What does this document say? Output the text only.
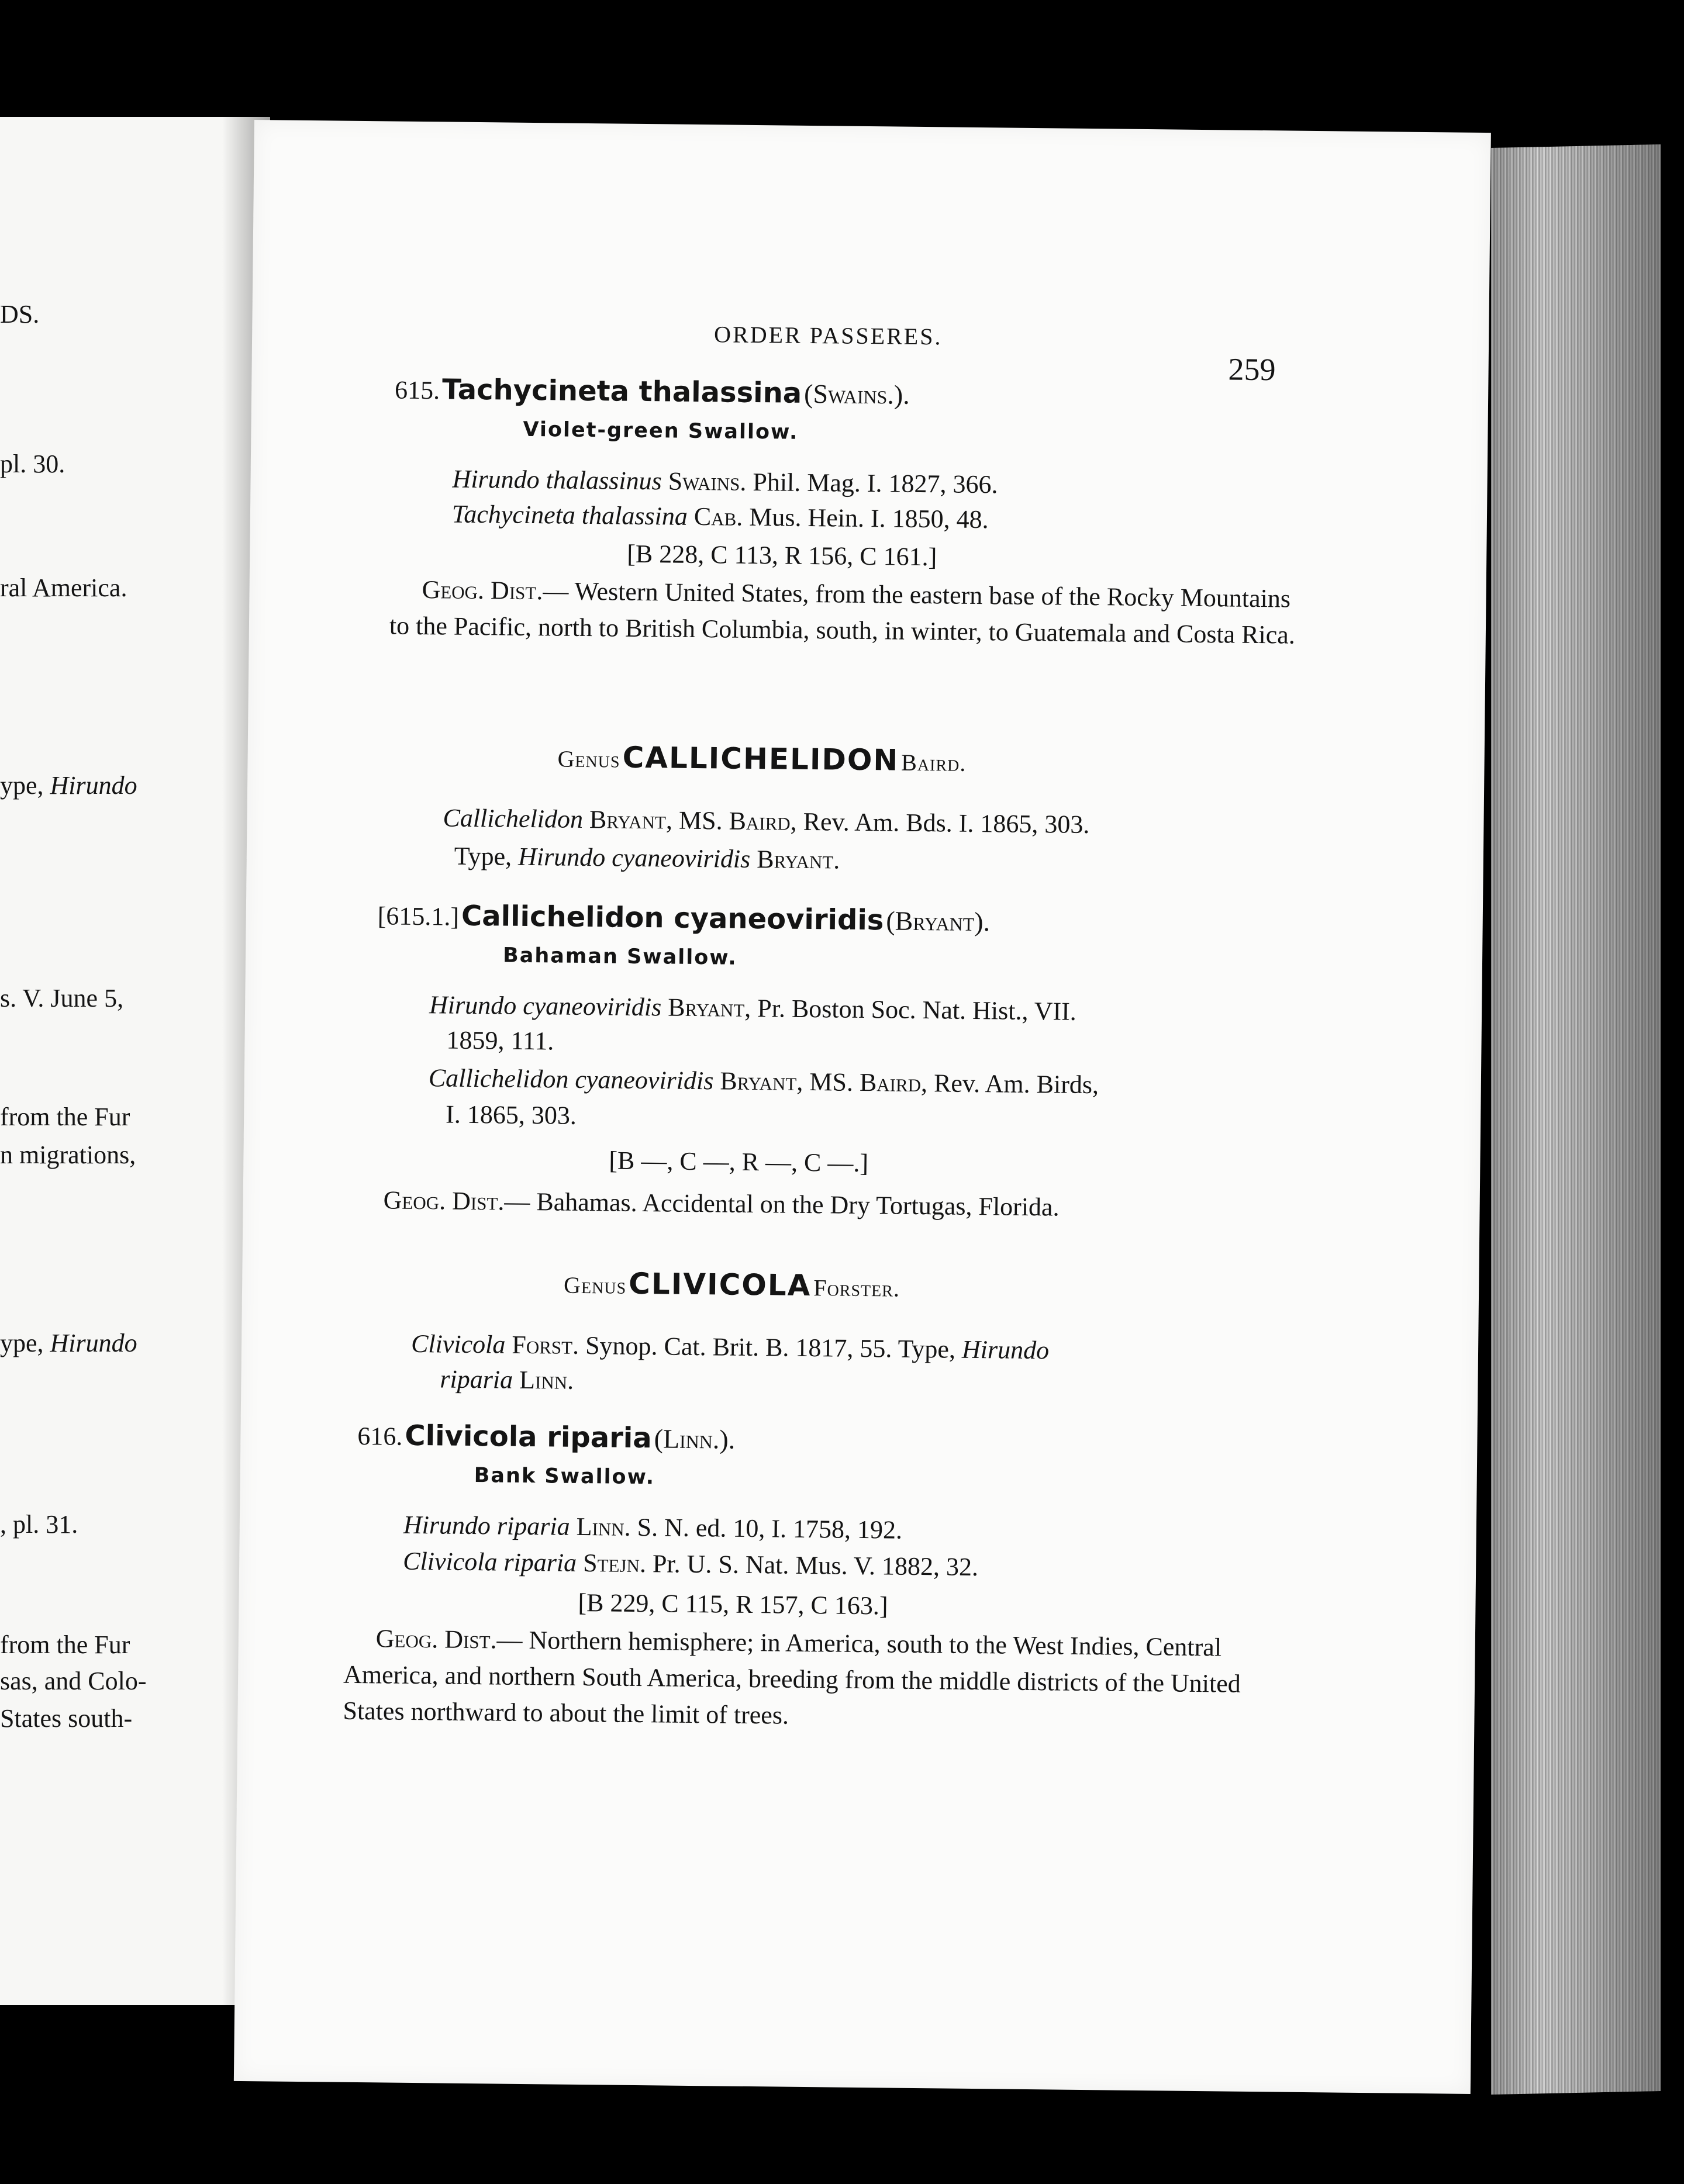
DS.
pl. 30.
ral America.
ype, Hirundo
s. V. June 5,
from the Fur
n migrations,
ype, Hirundo
, pl. 31.
from the Fur
sas, and Colo-
States south-
ORDER PASSERES.
259
615. Tachycineta thalassina (Swains.).
Violet-green Swallow.
Hirundo thalassinus Swains. Phil. Mag. I. 1827, 366.
Tachycineta thalassina Cab. Mus. Hein. I. 1850, 48.
[B 228, C 113, R 156, C 161.]
Geog. Dist.— Western United States, from the eastern base of the Rocky Mountains to the Pacific, north to British Columbia, south, in winter, to Guatemala and Costa Rica.
Genus CALLICHELIDON Baird.
Callichelidon Bryant, MS. Baird, Rev. Am. Bds. I. 1865, 303.
Type, Hirundo cyaneoviridis Bryant.
[615.1.] Callichelidon cyaneoviridis (Bryant).
Bahaman Swallow.
Hirundo cyaneoviridis Bryant, Pr. Boston Soc. Nat. Hist., VII.
1859, 111.
Callichelidon cyaneoviridis Bryant, MS. Baird, Rev. Am. Birds,
I. 1865, 303.
[B —, C —, R —, C —.]
Geog. Dist.— Bahamas. Accidental on the Dry Tortugas, Florida.
Genus CLIVICOLA Forster.
Clivicola Forst. Synop. Cat. Brit. B. 1817, 55. Type, Hirundo
riparia Linn.
616. Clivicola riparia (Linn.).
Bank Swallow.
Hirundo riparia Linn. S. N. ed. 10, I. 1758, 192.
Clivicola riparia Stejn. Pr. U. S. Nat. Mus. V. 1882, 32.
[B 229, C 115, R 157, C 163.]
Geog. Dist.— Northern hemisphere; in America, south to the West Indies, Central America, and northern South America, breeding from the middle districts of the United States northward to about the limit of trees.
